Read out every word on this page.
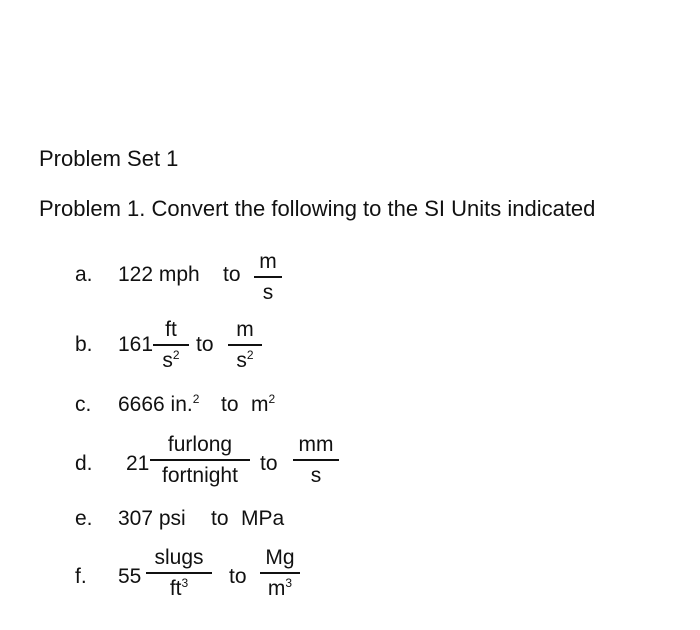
Problem Set 1
Problem 1. Convert the following to the SI Units indicated
a. 122 mph to
m
s
b. 161
ft
$s^2$ to
m
$s^2$
c. 6666 in.$^2$ to $m^2$
d. 21
furlong
fortnight
to
mm
s
e. 307 psi to MPa
f. 55
slugs
$ft^3$ to
Mg
$m^3$
